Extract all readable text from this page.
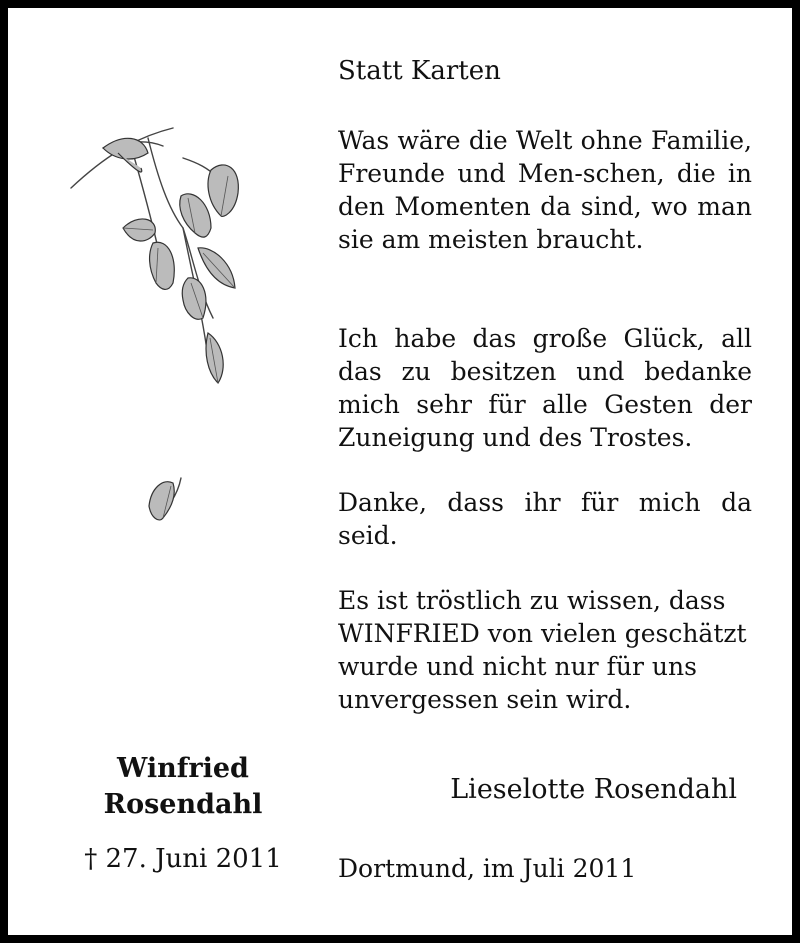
Statt Karten
Was wäre die Welt ohne Familie, Freunde und Men-schen, die in den Momenten da sind, wo man sie am meisten braucht.
Ich habe das große Glück, all das zu besitzen und bedanke mich sehr für alle Gesten der Zuneigung und des Trostes.
Danke, dass ihr für mich da seid.
Es ist tröstlich zu wissen, dass WINFRIED von vielen geschätzt wurde und nicht nur für uns unvergessen sein wird.
Winfried
Rosendahl
† 27. Juni 2011
Lieselotte Rosendahl
Dortmund, im Juli 2011
